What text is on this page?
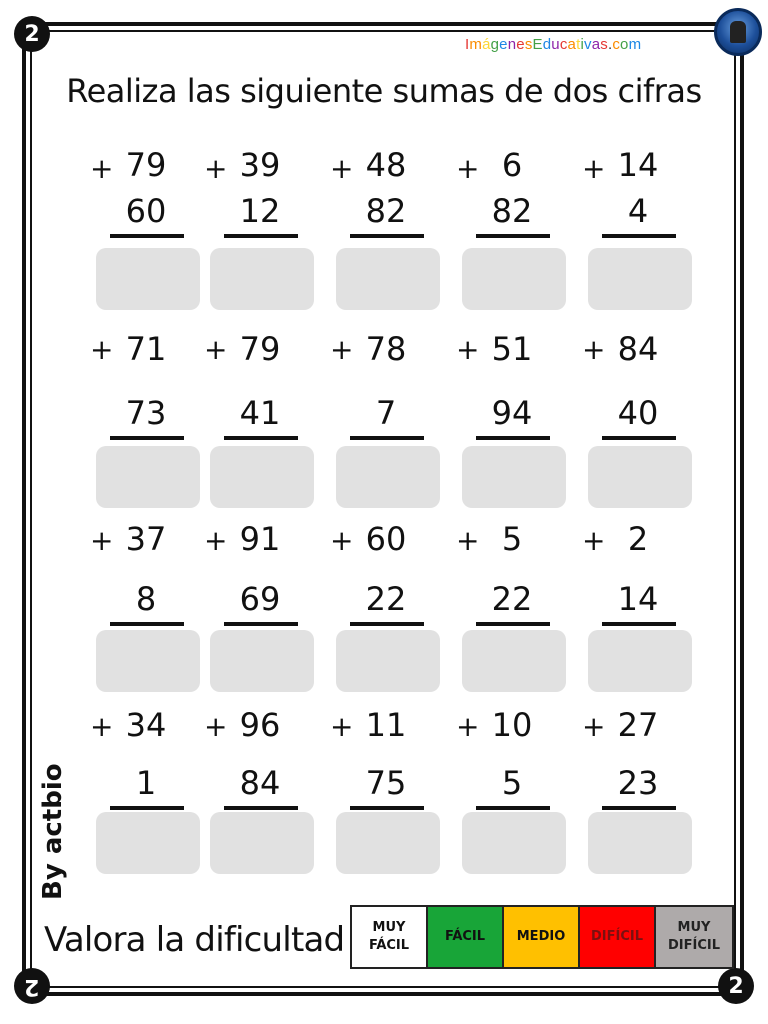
2
2	2
ImágenesEducativas.com
Realiza las siguiente sumas de dos cifras
+ 79
60
+ 39
12
+ 48
82
+ 6
82
+ 14
4
+ 71
73
+ 79
41
+ 78
7
+ 51
94
+ 84
40
+ 37
8
+ 91
69
+ 60
22
+ 5
22
+ 2
14
+ 34
1
+ 96
84
+ 11
75
+ 10
5
+ 27
23
By actbio
Valora la dificultad	MUY FÁCIL
FÁCIL	MEDIO	DIFÍCIL
MUY DIFÍCIL
